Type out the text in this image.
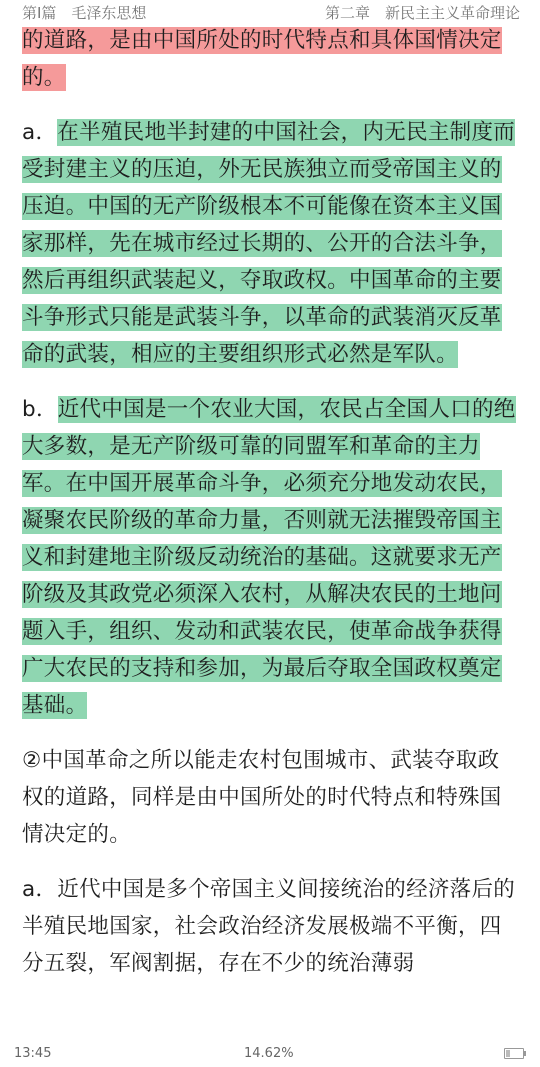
第Ⅰ篇　毛泽东思想	第二章　新民主主义革命理论

的道路，是由中国所处的时代特点和具体国情决定的。

a．在半殖民地半封建的中国社会，内无民主制度而受封建主义的压迫，外无民族独立而受帝国主义的压迫。中国的无产阶级根本不可能像在资本主义国家那样，先在城市经过长期的、公开的合法斗争，然后再组织武装起义，夺取政权。中国革命的主要斗争形式只能是武装斗争，以革命的武装消灭反革命的武装，相应的主要组织形式必然是军队。

b．近代中国是一个农业大国，农民占全国人口的绝大多数，是无产阶级可靠的同盟军和革命的主力军。在中国开展革命斗争，必须充分地发动农民，凝聚农民阶级的革命力量，否则就无法摧毁帝国主义和封建地主阶级反动统治的基础。这就要求无产阶级及其政党必须深入农村，从解决农民的土地问题入手，组织、发动和武装农民，使革命战争获得广大农民的支持和参加，为最后夺取全国政权奠定基础。

②中国革命之所以能走农村包围城市、武装夺取政权的道路，同样是由中国所处的时代特点和特殊国情决定的。

a．近代中国是多个帝国主义间接统治的经济落后的半殖民地国家，社会政治经济发展极端不平衡，四分五裂，军阀割据，存在不少的统治薄弱

13:45	14.62%
